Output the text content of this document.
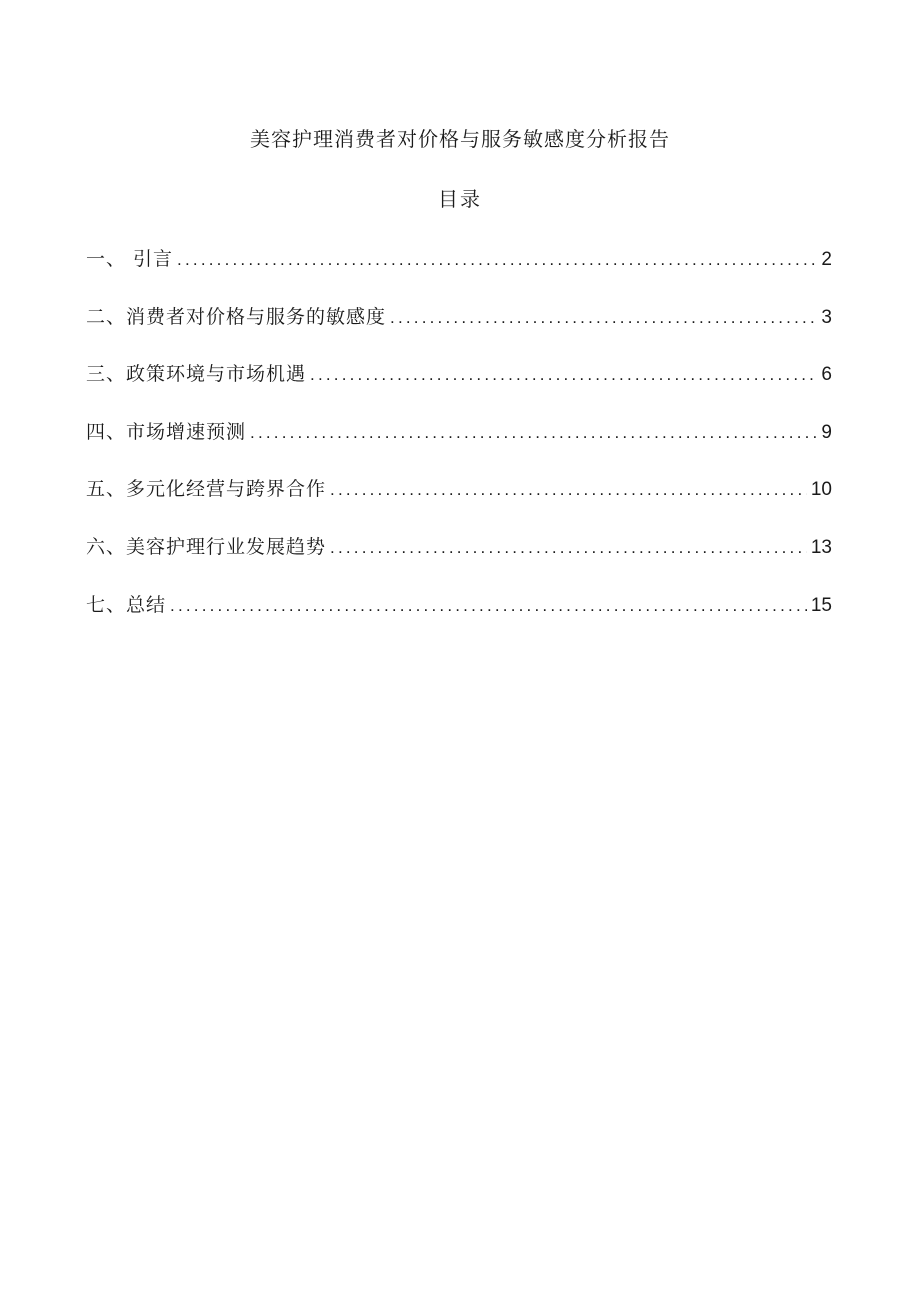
美容护理消费者对价格与服务敏感度分析报告
目录
一、 引言 .....	2
二、消费者对价格与服务的敏感度 .....	3
三、政策环境与市场机遇 .....	6
四、市场增速预测 .....	9
五、多元化经营与跨界合作 .....	10
六、美容护理行业发展趋势 .....	13
七、总结 .....	15
